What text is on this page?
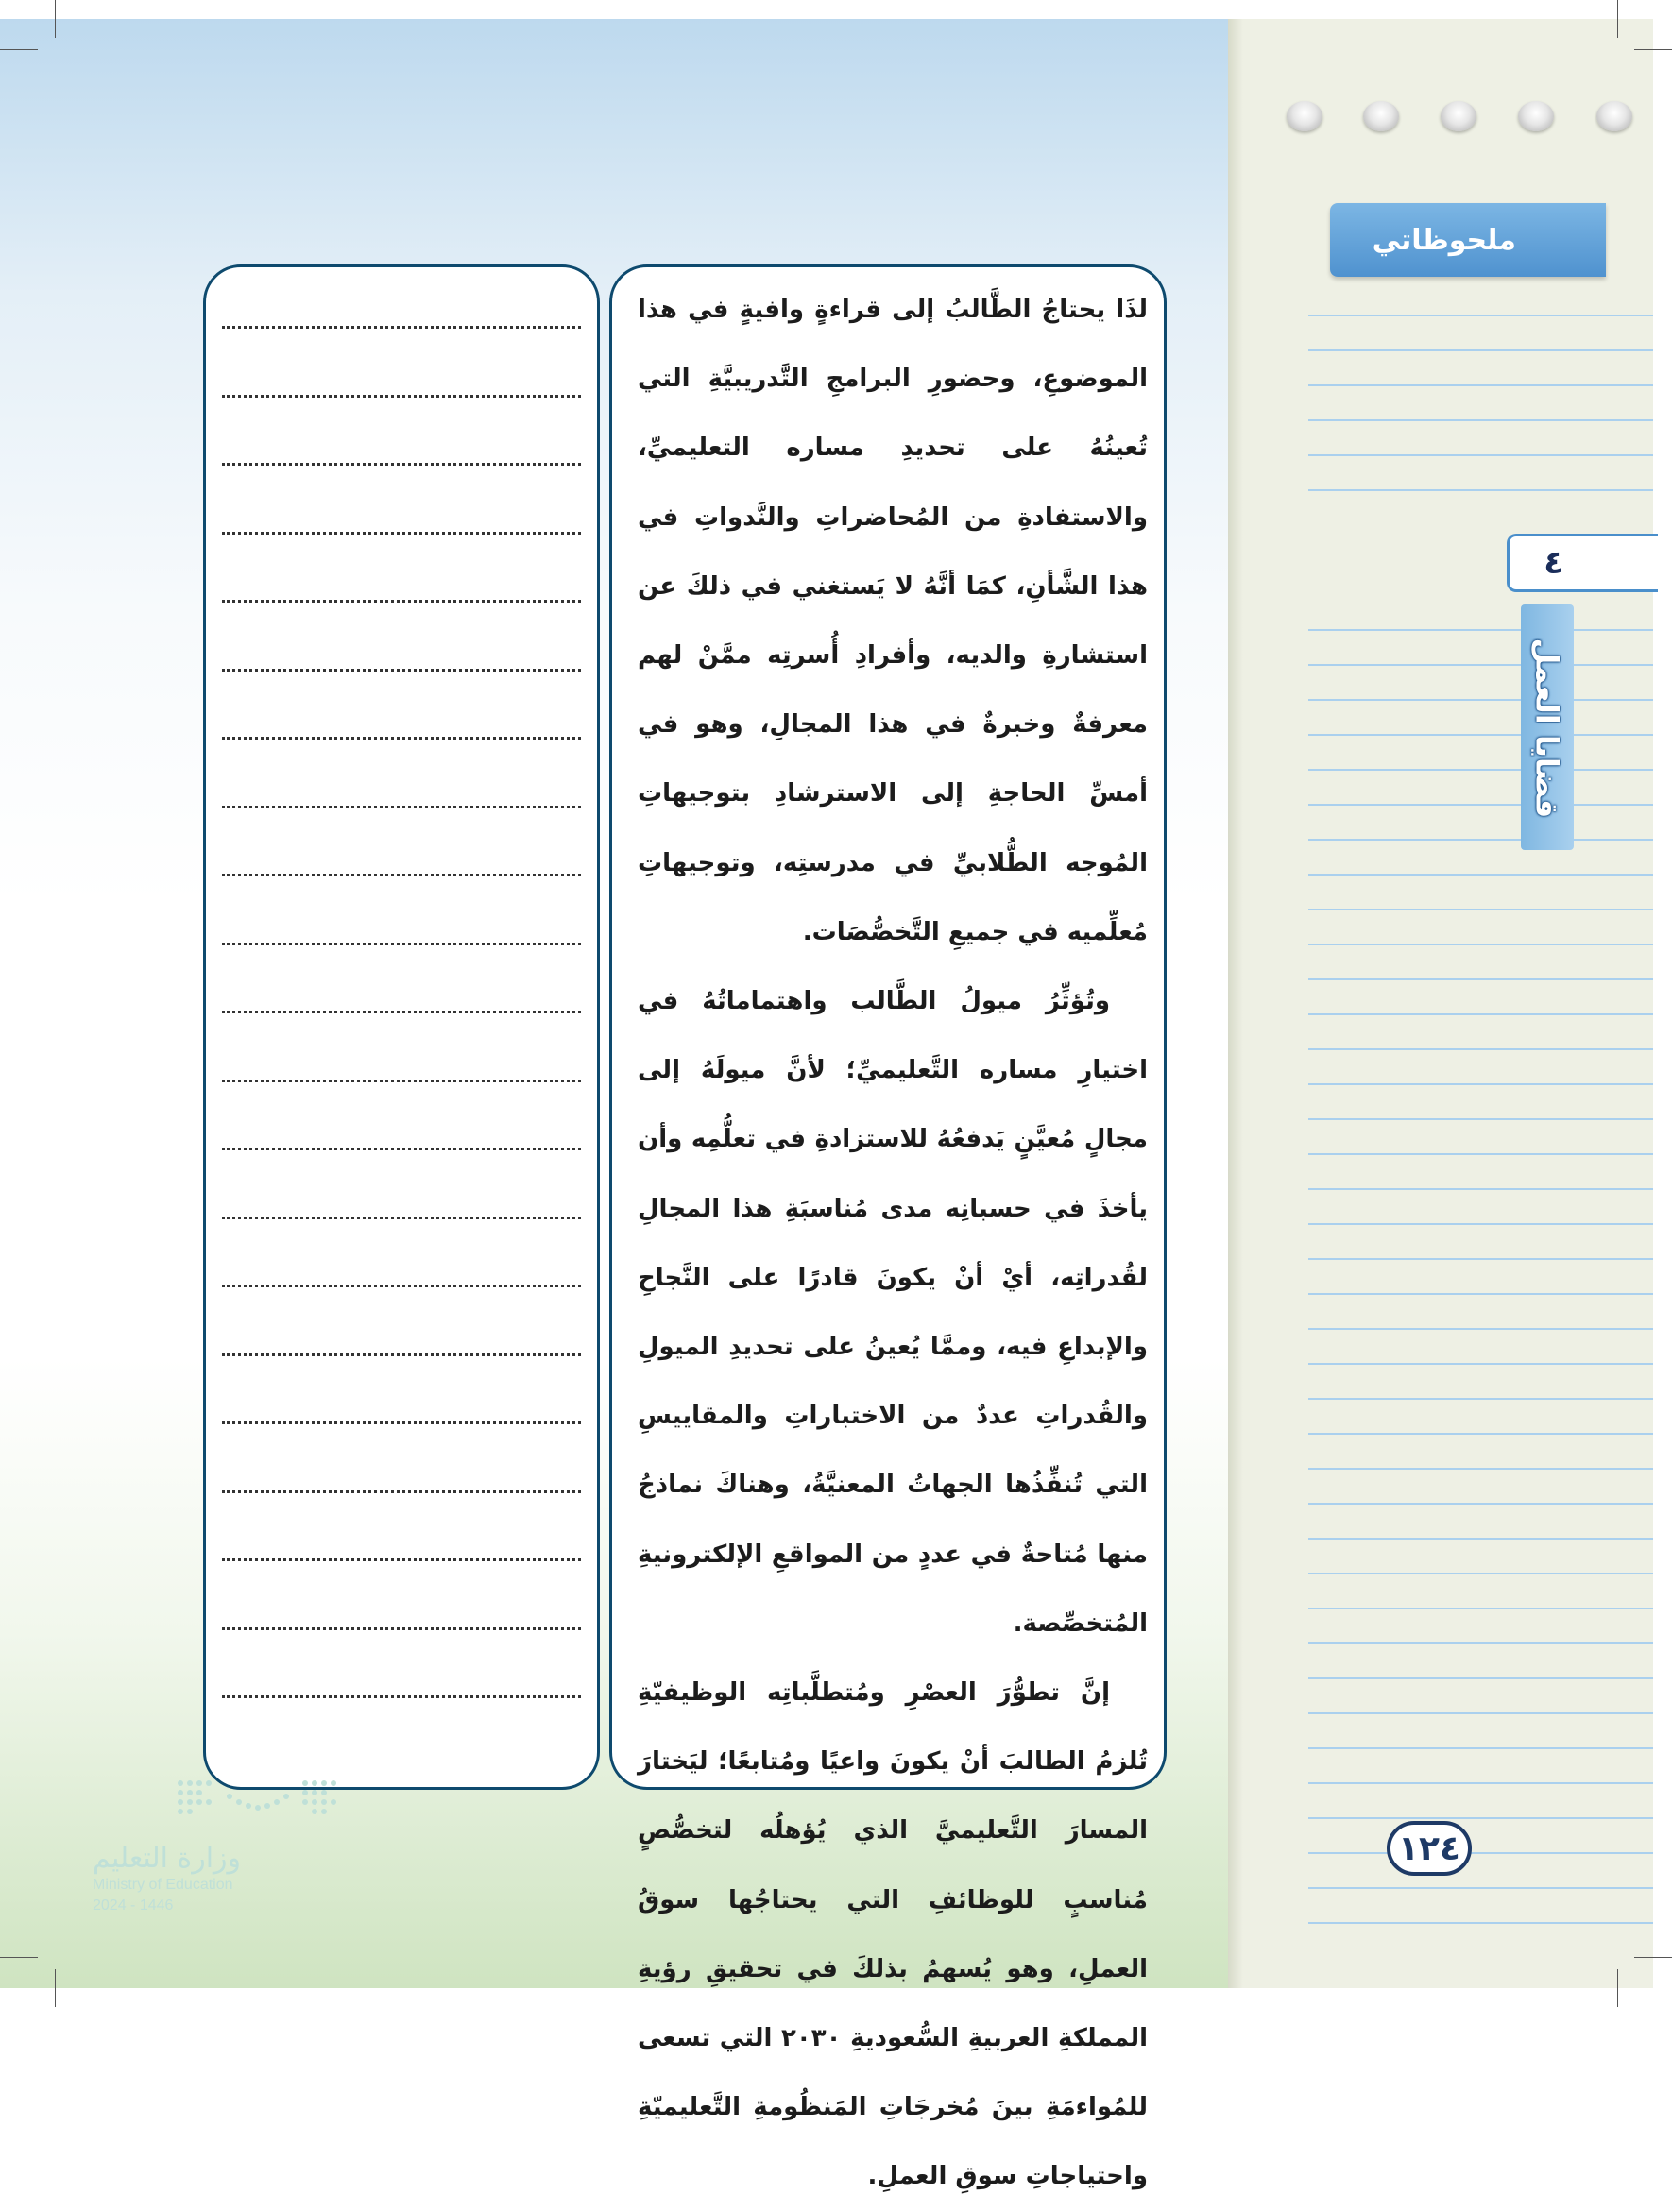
ملحوظاتي
٤
قضايا العمل

لذَا يحتاجُ الطَّالبُ إلى قراءةٍ وافيةٍ في هذا الموضوعِ، وحضورِ البرامجِ التَّدريبيَّةِ التي تُعينُهُ على تحديدِ مساره التعليميِّ، والاستفادةِ من المُحاضراتِ والنَّدواتِ في هذا الشَّأنِ، كمَا أنَّهُ لا يَستغني في ذلكَ عن استشارةِ والديه، وأفرادِ أُسرتِه ممَّنْ لهم معرفةٌ وخبرةٌ في هذا المجالِ، وهو في أمسِّ الحاجةِ إلى الاسترشادِ بتوجيهاتِ المُوجه الطُّلابيِّ في مدرستِه، وتوجيهاتِ مُعلِّميه في جميعِ التَّخصُّصَات.

وتُؤثِّرُ ميولُ الطَّالب واهتماماتُهُ في اختيارِ مساره التَّعليميِّ؛ لأنَّ ميولَهُ إلى مجالٍ مُعيَّنٍ يَدفعُهُ للاستزادةِ في تعلُّمِه وأن يأخذَ في حسبانِه مدى مُناسبَةِ هذا المجالِ لقُدراتِه، أيْ أنْ يكونَ قادرًا على النَّجاحِ والإبداعِ فيه، وممَّا يُعينُ على تحديدِ الميولِ والقُدراتِ عددٌ من الاختباراتِ والمقاييسِ التي تُنفِّذُها الجهاتُ المعنيَّةُ، وهناكَ نماذجُ منها مُتاحةٌ في عددٍ من المواقعِ الإلكترونيةِ المُتخصِّصة.

إنَّ تطوُّرَ العصْرِ ومُتطلَّباتِه الوظيفيّةِ تُلزمُ الطالبَ أنْ يكونَ واعيًا ومُتابعًا؛ ليَختارَ المسارَ التَّعليميَّ الذي يُؤهلُه لتخصُّصٍ مُناسبٍ للوظائفِ التي يحتاجُها سوقُ العملِ، وهو يُسهمُ بذلكَ في تحقيقِ رؤيةِ المملكةِ العربيةِ السُّعوديةِ ٢٠٣٠ التي تسعى للمُواءمَةِ بينَ مُخرجَاتِ المَنظُومةِ التَّعليميّةِ واحتياجاتِ سوقِ العملِ.

١٢٤
وزارة التعليم
Ministry of Education
2024 - 1446
